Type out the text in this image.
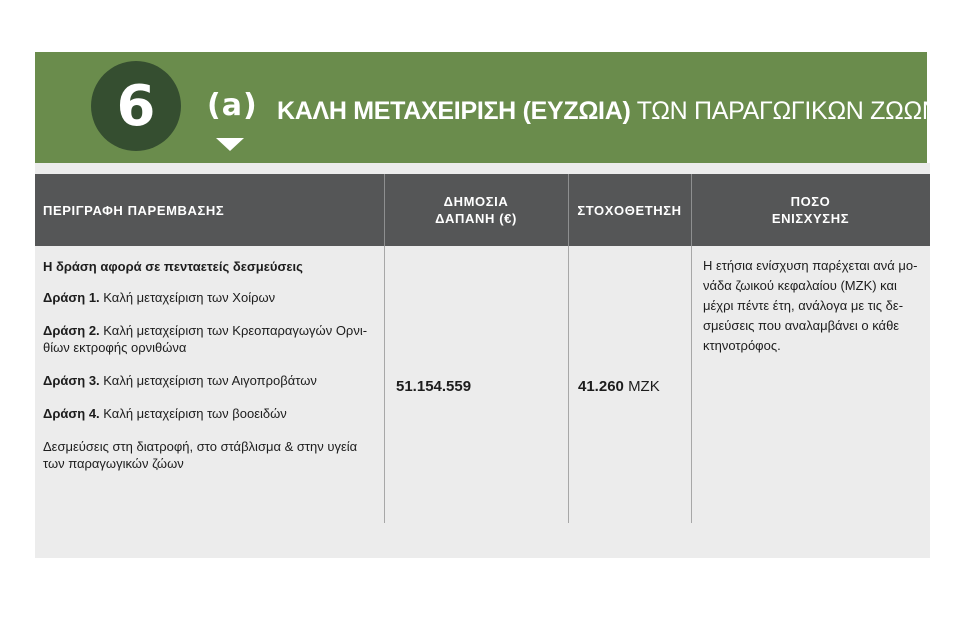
6	(a) ΚΑΛΗ ΜΕΤΑΧΕΙΡΙΣΗ (ΕΥΖΩΙΑ) ΤΩΝ ΠΑΡΑΓΩΓΙΚΩΝ ΖΩΩΝ
ΠΕΡΙΓΡΑΦΗ ΠΑΡΕΜΒΑΣΗΣ
ΔΗΜΟΣΙΑ
ΔΑΠΑΝΗ (€)
ΣΤΟΧΟΘΕΤΗΣΗ
ΠΟΣΟ
ΕΝΙΣΧΥΣΗΣ

Η δράση αφορά σε πενταετείς δεσμεύσεις

Δράση 1. Καλή μεταχείριση των Χοίρων

Δράση 2. Καλή μεταχείριση των Κρεοπαραγωγών Ορνι-
θίων εκτροφής ορνιθώνα

Δράση 3. Καλή μεταχείριση των Αιγοπροβάτων

Δράση 4. Καλή μεταχείριση των βοοειδών

Δεσμεύσεις στη διατροφή, στο στάβλισμα & στην υγεία
των παραγωγικών ζώων

51.154.559	41.260 ΜΖΚ
Η ετήσια ενίσχυση παρέχεται ανά μο-
νάδα ζωικού κεφαλαίου (ΜΖΚ) και
μέχρι πέντε έτη, ανάλογα με τις δε-
σμεύσεις που αναλαμβάνει ο κάθε
κτηνοτρόφος.
